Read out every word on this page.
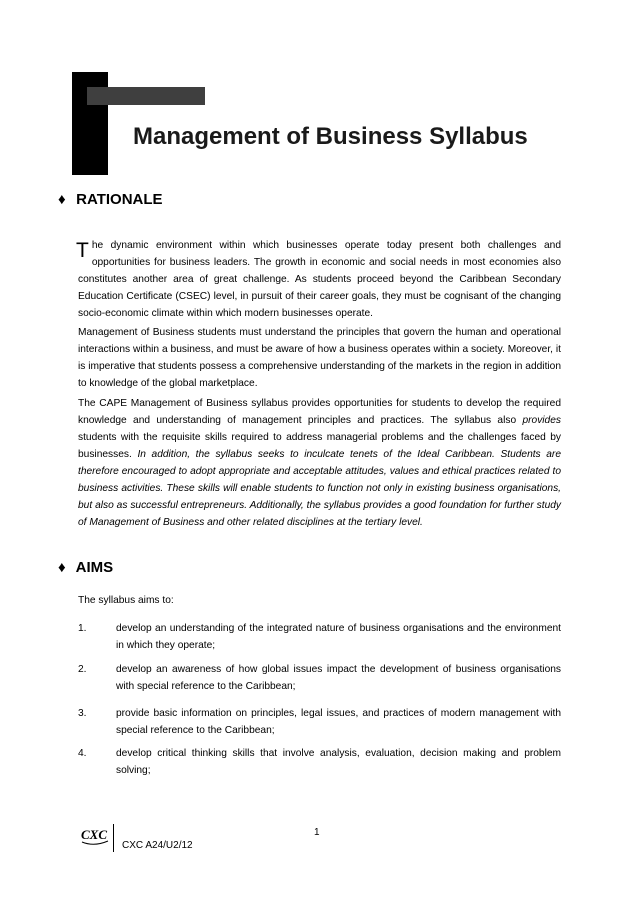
Management of Business Syllabus
♦ RATIONALE

The dynamic environment within which businesses operate today present both challenges and opportunities for business leaders. The growth in economic and social needs in most economies also constitutes another area of great challenge. As students proceed beyond the Caribbean Secondary Education Certificate (CSEC) level, in pursuit of their career goals, they must be cognisant of the changing socio-economic climate within which modern businesses operate.

Management of Business students must understand the principles that govern the human and operational interactions within a business, and must be aware of how a business operates within a society. Moreover, it is imperative that students possess a comprehensive understanding of the markets in the region in addition to knowledge of the global marketplace.

The CAPE Management of Business syllabus provides opportunities for students to develop the required knowledge and understanding of management principles and practices. The syllabus also provides students with the requisite skills required to address managerial problems and the challenges faced by businesses. In addition, the syllabus seeks to inculcate tenets of the Ideal Caribbean. Students are therefore encouraged to adopt appropriate and acceptable attitudes, values and ethical practices related to business activities. These skills will enable students to function not only in existing business organisations, but also as successful entrepreneurs. Additionally, the syllabus provides a good foundation for further study of Management of Business and other related disciplines at the tertiary level.

♦ AIMS
The syllabus aims to:
1.	develop an understanding of the integrated nature of business organisations and the environment in which they operate;
2.	develop an awareness of how global issues impact the development of business organisations with special reference to the Caribbean;
3.	provide basic information on principles, legal issues, and practices of modern management with special reference to the Caribbean;
4.	develop critical thinking skills that involve analysis, evaluation, decision making and problem solving;
CXC
CXC A24/U2/12
1
